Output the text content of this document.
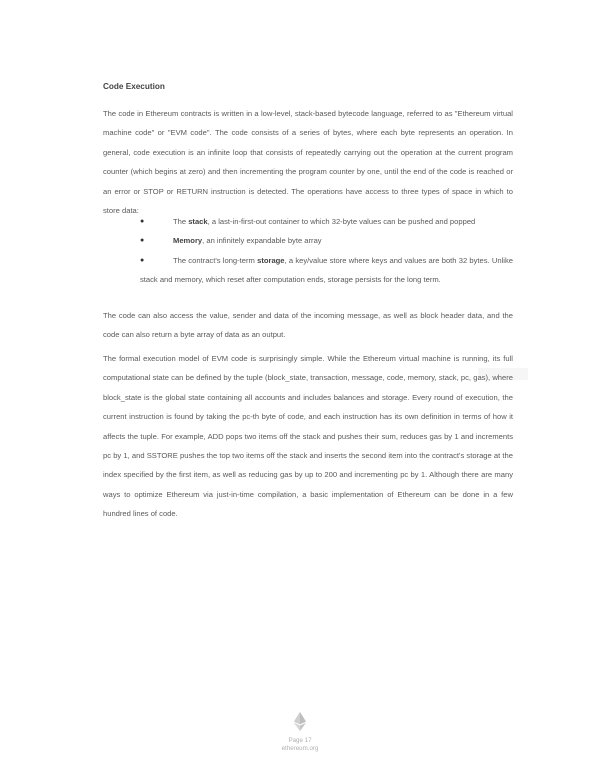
Code Execution
The code in Ethereum contracts is written in a low-level, stack-based bytecode language, referred to as "Ethereum virtual machine code" or "EVM code". The code consists of a series of bytes, where each byte represents an operation. In general, code execution is an infinite loop that consists of repeatedly carrying out the operation at the current program counter (which begins at zero) and then incrementing the program counter by one, until the end of the code is reached or an error or STOP or RETURN instruction is detected. The operations have access to three types of space in which to store data:
●	The stack, a last-in-first-out container to which 32-byte values can be pushed and popped
●	Memory, an infinitely expandable byte array
●	The contract's long-term storage, a key/value store where keys and values are both 32 bytes. Unlike stack and memory, which reset after computation ends, storage persists for the long term.
The code can also access the value, sender and data of the incoming message, as well as block header data, and the code can also return a byte array of data as an output.
The formal execution model of EVM code is surprisingly simple. While the Ethereum virtual machine is running, its full computational state can be defined by the tuple (block_state, transaction, message, code, memory, stack, pc, gas), where block_state is the global state containing all accounts and includes balances and storage. Every round of execution, the current instruction is found by taking the pc-th byte of code, and each instruction has its own definition in terms of how it affects the tuple. For example, ADD pops two items off the stack and pushes their sum, reduces gas by 1 and increments pc by 1, and SSTORE pushes the top two items off the stack and inserts the second item into the contract's storage at the index specified by the first item, as well as reducing gas by up to 200 and incrementing pc by 1. Although there are many ways to optimize Ethereum via just-in-time compilation, a basic implementation of Ethereum can be done in a few hundred lines of code.
Page 17
ethereum.org
